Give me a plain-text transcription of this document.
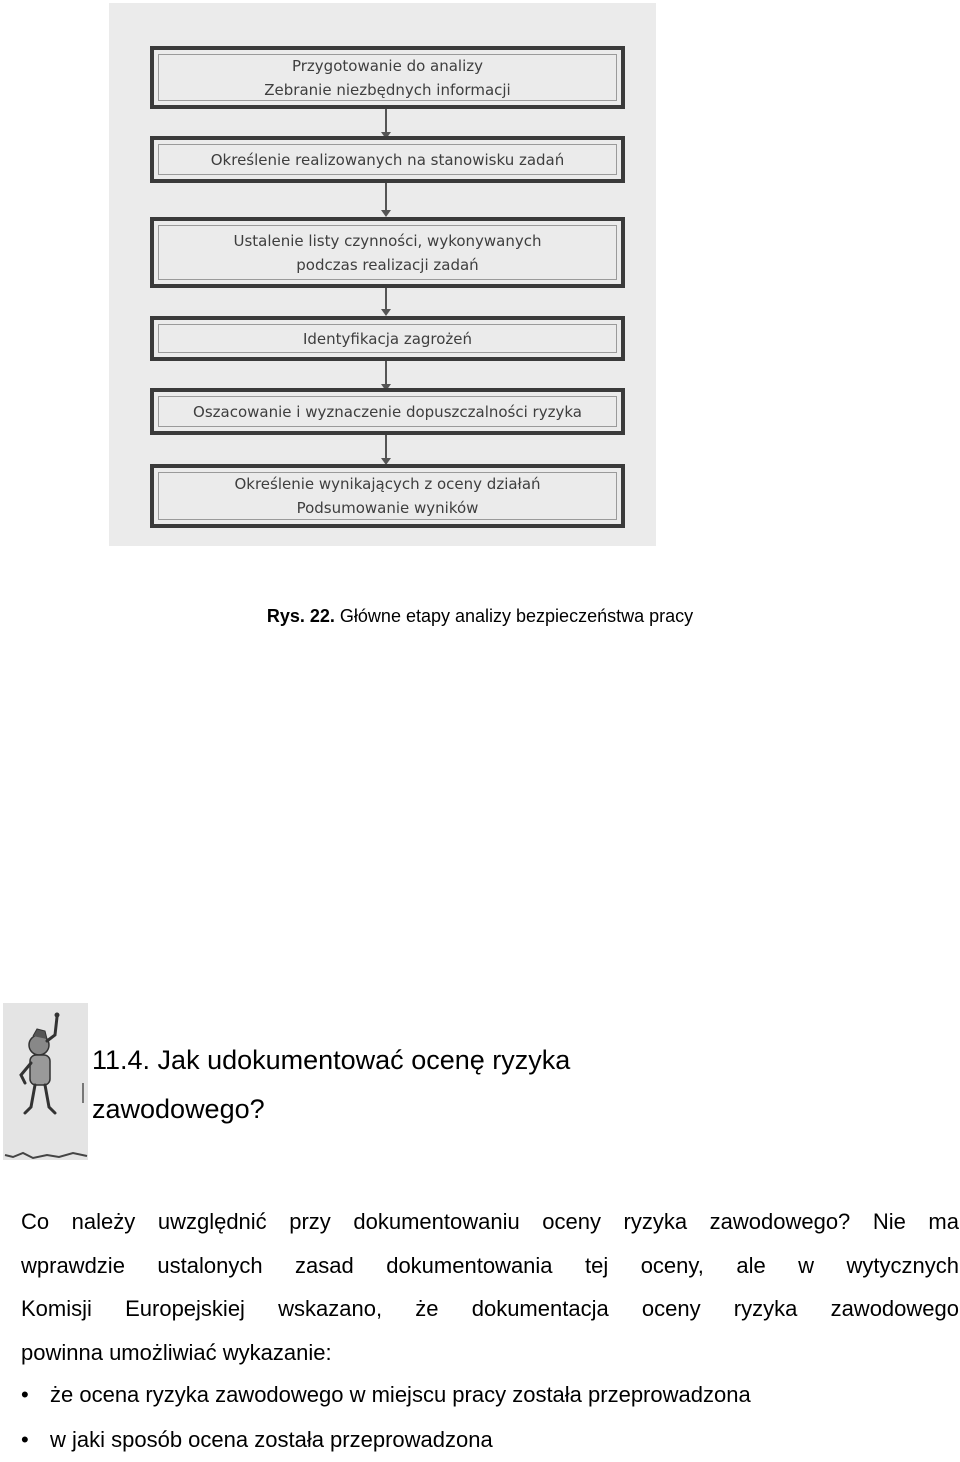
Przygotowanie do analizy
Zebranie niezbędnych informacji
Określenie realizowanych na stanowisku zadań
Ustalenie listy czynności, wykonywanych
podczas realizacji zadań
Identyfikacja zagrożeń
Oszacowanie i wyznaczenie dopuszczalności ryzyka
Określenie wynikających z oceny działań
Podsumowanie wyników
Rys. 22. Główne etapy analizy bezpieczeństwa pracy
11.4. Jak udokumentować ocenę ryzyka
zawodowego?
Co należy uwzględnić przy dokumentowaniu oceny ryzyka zawodowego? Nie ma
wprawdzie ustalonych zasad dokumentowania tej oceny, ale w wytycznych
Komisji Europejskiej wskazano, że dokumentacja oceny ryzyka zawodowego
powinna umożliwiać wykazanie:
• że ocena ryzyka zawodowego w miejscu pracy została przeprowadzona
• w jaki sposób ocena została przeprowadzona
